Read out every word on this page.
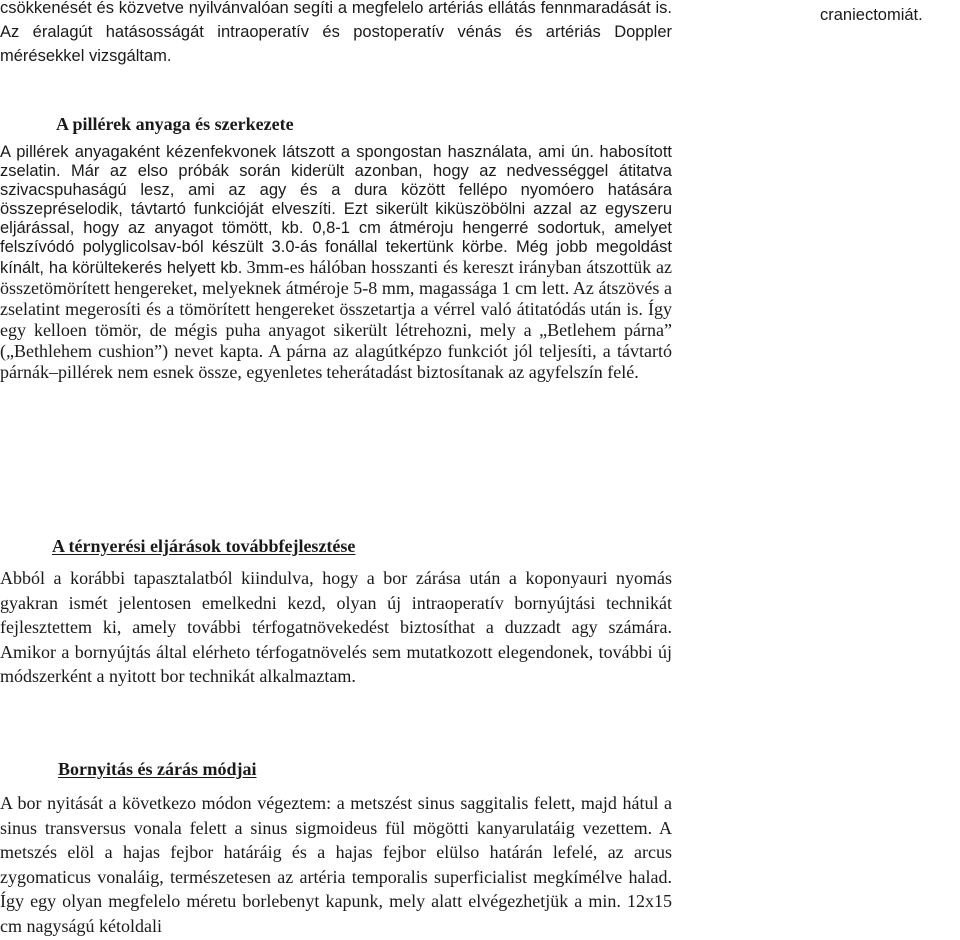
csökkenését és közvetve nyilvánvalóan segíti a megfelelo artériás ellátás fennmaradását is. Az éralagút hatásosságát intraoperatív és postoperatív vénás és artériás Doppler mérésekkel vizsgáltam.

A pillérek anyaga és szerkezete

A pillérek anyagaként kézenfekvonek látszott a spongostan használata, ami ún. habosított zselatin. Már az elso próbák során kiderült azonban, hogy az nedvességgel átitatva szivacspuhaságú lesz, ami az agy és a dura között fellépo nyomóero hatására összepréselodik, távtartó funkcióját elveszíti. Ezt sikerült kiküszöbölni azzal az egyszeru eljárással, hogy az anyagot tömött, kb. 0,8-1 cm átméroju hengerré sodortuk, amelyet felszívódó polyglicolsav-ból készült 3.0-ás fonállal tekertünk körbe. Még jobb megoldást kínált, ha körültekerés helyett kb. 3mm-es hálóban hosszanti és kereszt irányban átszottük az összetömörített hengereket, melyeknek átméroje 5-8 mm, magassága 1 cm lett. Az átszövés a zselatint megerosíti és a tömörített hengereket összetartja a vérrel való átitatódás után is. Így egy kelloen tömör, de mégis puha anyagot sikerült létrehozni, mely a „Betlehem párna” („Bethlehem cushion”) nevet kapta. A párna az alagútképzo funkciót jól teljesíti, a távtartó párnák–pillérek nem esnek össze, egyenletes teherátadást biztosítanak az agyfelszín felé.

A térnyerési eljárások továbbfejlesztése

Abból a korábbi tapasztalatból kiindulva, hogy a bor zárása után a koponyauri nyomás gyakran ismét jelentosen emelkedni kezd, olyan új intraoperatív bornyújtási technikát fejlesztettem ki, amely további térfogatnövekedést biztosíthat a duzzadt agy számára. Amikor a bornyújtás által elérheto térfogatnövelés sem mutatkozott elegendonek, további új módszerként a nyitott bor technikát alkalmaztam.

Bornyitás és zárás módjai

A bor nyitását a következo módon végeztem: a metszést sinus saggitalis felett, majd hátul a sinus transversus vonala felett a sinus sigmoideus fül mögötti kanyarulatáig vezettem. A metszés elöl a hajas fejbor határáig és a hajas fejbor elülso határán lefelé, az arcus zygomaticus vonaláig, természetesen az artéria temporalis superficialist megkímélve halad. Így egy olyan megfelelo méretu borlebenyt kapunk, mely alatt elvégezhetjük a min. 12x15 cm nagyságú kétoldali

craniectomiát.
